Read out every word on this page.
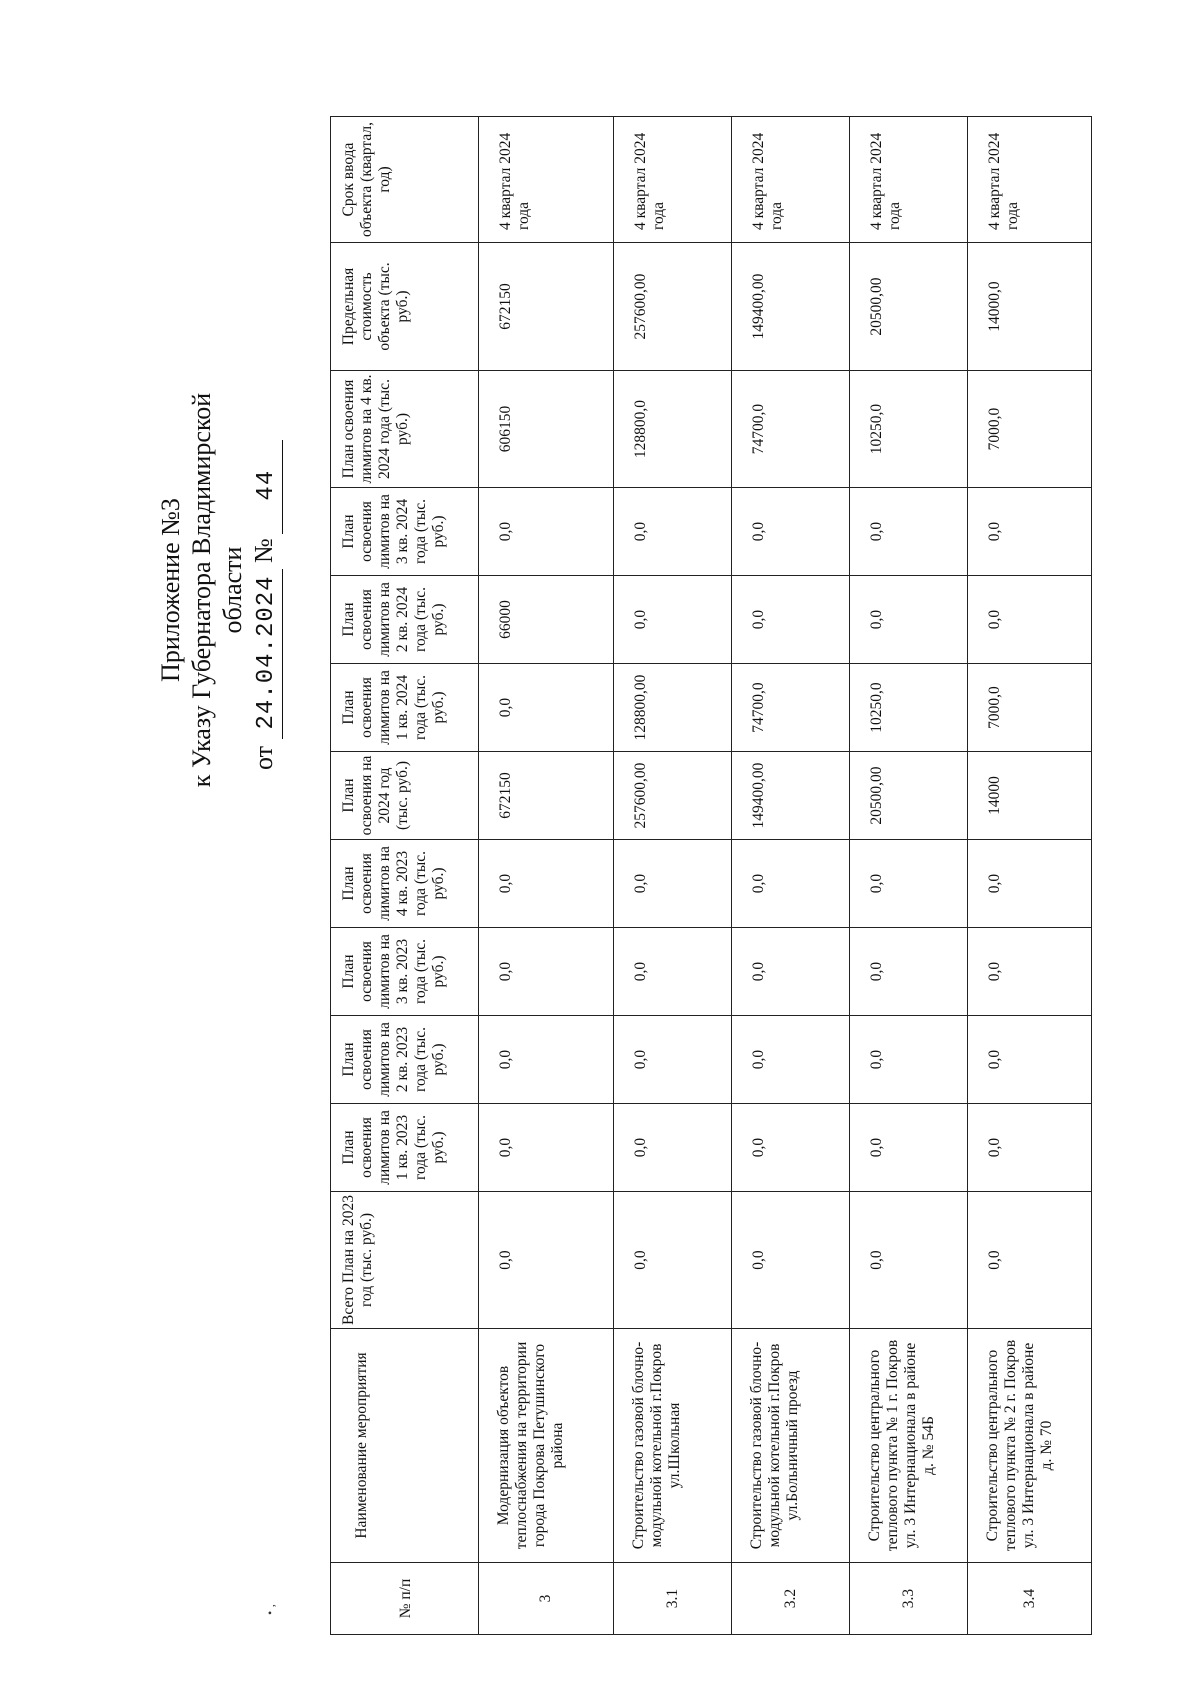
• ‚
Приложение №3 к Указу Губернатора Владимирской области
от 24.04.2024 №44
№ п/п	Наименование мероприятия	Всего План на 2023 год (тыс. руб.)	План освоения лимитов на 1 кв. 2023 года (тыс. руб.)	План освоения лимитов на 2 кв. 2023 года (тыс. руб.)	План освоения лимитов на 3 кв. 2023 года (тыс. руб.)	План освоения лимитов на 4 кв. 2023 года (тыс. руб.)	План освоения на 2024 год (тыс. руб.)	План освоения лимитов на 1 кв. 2024 года (тыс. руб.)	План освоения лимитов на 2 кв. 2024 года (тыс. руб.)	План освоения лимитов на 3 кв. 2024 года (тыс. руб.)	План освоения лимитов на 4 кв. 2024 года (тыс. руб.)	Предельная стоимость объекта (тыс. руб.)	Срок ввода объекта (квартал, год)
3	Модернизация объектов теплоснабжения на территории города Покрова Петушинского района	0,0	0,0	0,0	0,0	0,0	672150	0,0	66000	0,0	606150	672150	4 квартал 2024 года
3.1	Строительство газовой блочно-модульной котельной г.Покров ул.Школьная	0,0	0,0	0,0	0,0	0,0	257600,00	128800,00	0,0	0,0	128800,0	257600,00	4 квартал 2024 года
3.2	Строительство газовой блочно-модульной котельной г.Покров ул.Больничный проезд	0,0	0,0	0,0	0,0	0,0	149400,00	74700,0	0,0	0,0	74700,0	149400,00	4 квартал 2024 года
3.3	Строительство центрального теплового пункта № 1 г. Покров ул. 3 Интернационала в районе д. № 54Б	0,0	0,0	0,0	0,0	0,0	20500,00	10250,0	0,0	0,0	10250,0	20500,00	4 квартал 2024 года
3.4	Строительство центрального теплового пункта № 2 г. Покров ул. 3 Интернационала в районе д. № 70	0,0	0,0	0,0	0,0	0,0	14000	7000,0	0,0	0,0	7000,0	14000,0	4 квартал 2024 года
